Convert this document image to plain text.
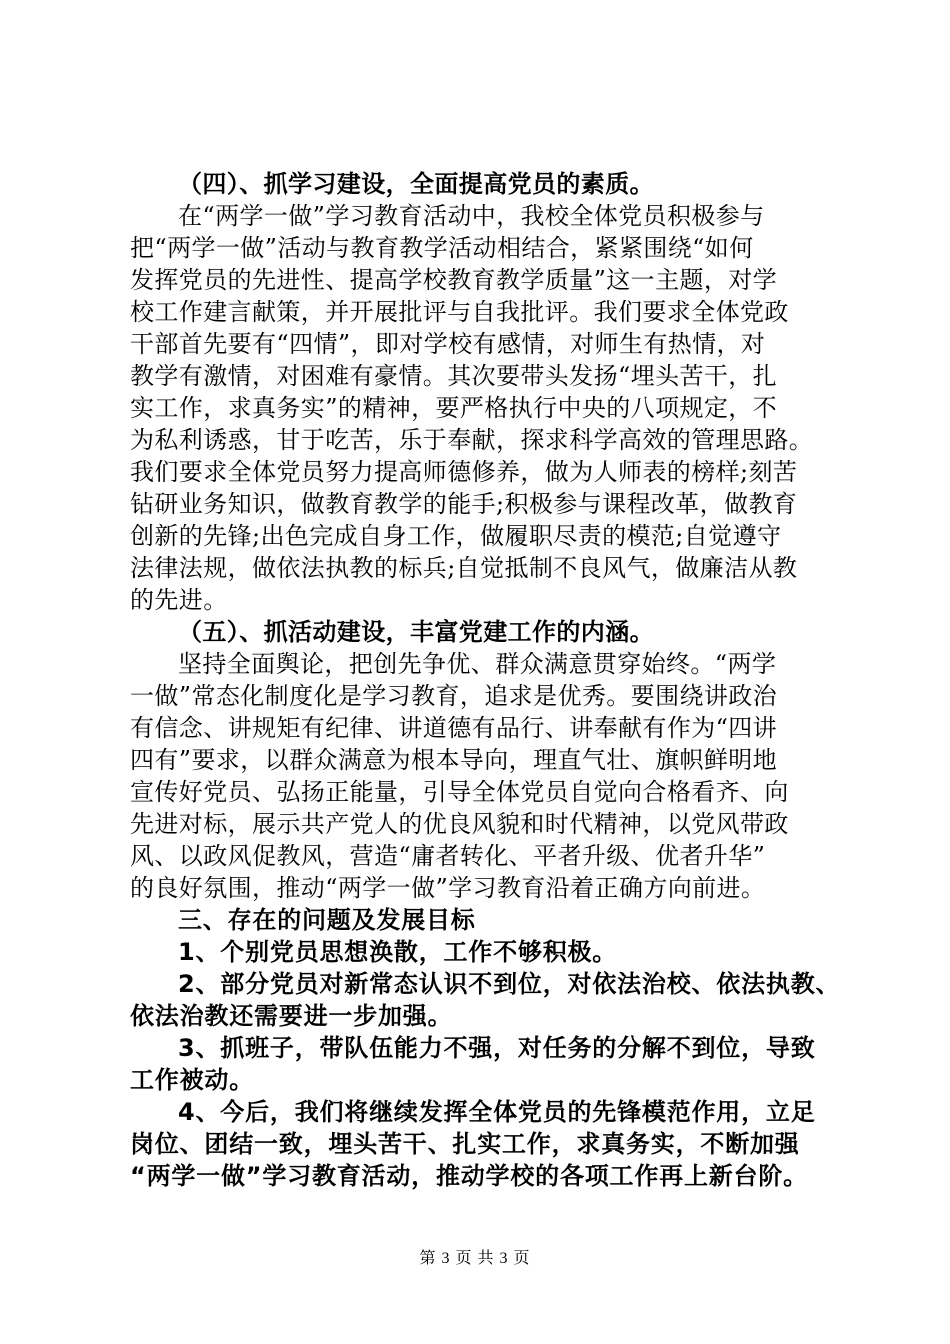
（四）、抓学习建设，全面提高党员的素质。
在“两学一做”学习教育活动中，我校全体党员积极参与
把“两学一做”活动与教育教学活动相结合，紧紧围绕“如何
发挥党员的先进性、提高学校教育教学质量”这一主题，对学
校工作建言献策，并开展批评与自我批评。我们要求全体党政
干部首先要有“四情”，即对学校有感情，对师生有热情，对
教学有激情，对困难有豪情。其次要带头发扬“埋头苦干，扎
实工作，求真务实”的精神，要严格执行中央的八项规定，不
为私利诱惑，甘于吃苦，乐于奉献，探求科学高效的管理思路。
我们要求全体党员努力提高师德修养，做为人师表的榜样;刻苦
钻研业务知识，做教育教学的能手;积极参与课程改革，做教育
创新的先锋;出色完成自身工作，做履职尽责的模范;自觉遵守
法律法规，做依法执教的标兵;自觉抵制不良风气，做廉洁从教
的先进。
（五）、抓活动建设，丰富党建工作的内涵。
坚持全面舆论，把创先争优、群众满意贯穿始终。“两学
一做”常态化制度化是学习教育，追求是优秀。要围绕讲政治
有信念、讲规矩有纪律、讲道德有品行、讲奉献有作为“四讲
四有”要求，以群众满意为根本导向，理直气壮、旗帜鲜明地
宣传好党员、弘扬正能量，引导全体党员自觉向合格看齐、向
先进对标，展示共产党人的优良风貌和时代精神，以党风带政
风、以政风促教风，营造“庸者转化、平者升级、优者升华”
的良好氛围，推动“两学一做”学习教育沿着正确方向前进。
三、存在的问题及发展目标
1、个别党员思想涣散，工作不够积极。
2、部分党员对新常态认识不到位，对依法治校、依法执教、
依法治教还需要进一步加强。
3、抓班子，带队伍能力不强，对任务的分解不到位，导致
工作被动。
4、今后，我们将继续发挥全体党员的先锋模范作用，立足
岗位、团结一致，埋头苦干、扎实工作，求真务实，不断加强
“两学一做”学习教育活动，推动学校的各项工作再上新台阶。
第 3 页 共 3 页
